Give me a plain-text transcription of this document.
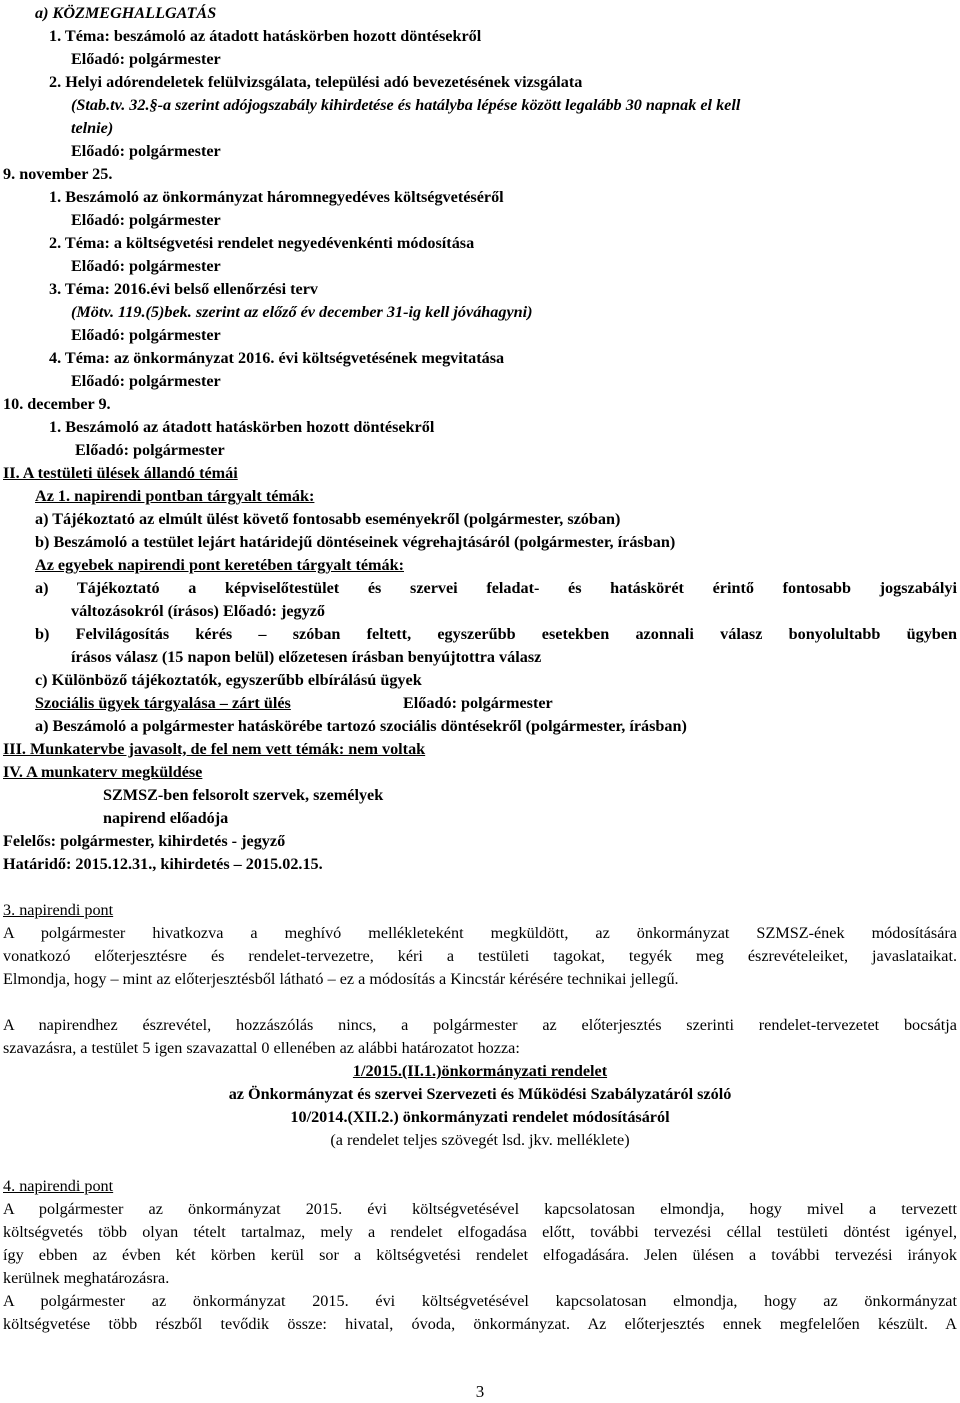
a) KÖZMEGHALLGATÁS
1. Téma: beszámoló az átadott hatáskörben hozott döntésekről
Előadó: polgármester
2. Helyi adórendeletek felülvizsgálata, települési adó bevezetésének vizsgálata
(Stab.tv. 32.§-a szerint adójogszabály kihirdetése és hatályba lépése között legalább 30 napnak el kell
telnie)
Előadó: polgármester
9. november 25.
1. Beszámoló az önkormányzat háromnegyedéves költségvetéséről
Előadó: polgármester
2. Téma: a költségvetési rendelet negyedévenkénti módosítása
Előadó: polgármester
3. Téma: 2016.évi belső ellenőrzési terv
(Mötv. 119.(5)bek. szerint az előző év december 31-ig kell jóváhagyni)
Előadó: polgármester
4. Téma: az önkormányzat 2016. évi költségvetésének megvitatása
Előadó: polgármester
10. december 9.
1. Beszámoló az átadott hatáskörben hozott döntésekről
Előadó: polgármester
II. A testületi ülések állandó témái
Az 1. napirendi pontban tárgyalt témák:
a) Tájékoztató az elmúlt ülést követő fontosabb eseményekről (polgármester, szóban)
b) Beszámoló a testület lejárt határidejű döntéseinek végrehajtásáról (polgármester, írásban)
Az egyebek napirendi pont keretében tárgyalt témák:
a) Tájékoztató a képviselőtestület és szervei feladat- és hatáskörét érintő fontosabb jogszabályi
változásokról (írásos) Előadó: jegyző
b) Felvilágosítás kérés – szóban feltett, egyszerűbb esetekben azonnali válasz bonyolultabb ügyben
írásos válasz (15 napon belül) előzetesen írásban benyújtottra válasz
c) Különböző tájékoztatók, egyszerűbb elbírálású ügyek
Szociális ügyek tárgyalása – zárt ülés	Előadó: polgármester
a) Beszámoló a polgármester hatáskörébe tartozó szociális döntésekről (polgármester, írásban)
III. Munkatervbe javasolt, de fel nem vett témák: nem voltak
IV. A munkaterv megküldése
SZMSZ-ben felsorolt szervek, személyek
napirend előadója
Felelős: polgármester, kihirdetés - jegyző
Határidő: 2015.12.31., kihirdetés – 2015.02.15.
3. napirendi pont
A polgármester hivatkozva a meghívó mellékleteként megküldött, az önkormányzat SZMSZ-ének módosítására
vonatkozó előterjesztésre és rendelet-tervezetre, kéri a testületi tagokat, tegyék meg észrevételeiket, javaslataikat.
Elmondja, hogy – mint az előterjesztésből látható – ez a módosítás a Kincstár kérésére technikai jellegű.
A napirendhez észrevétel, hozzászólás nincs, a polgármester az előterjesztés szerinti rendelet-tervezetet bocsátja
szavazásra, a testület 5 igen szavazattal 0 ellenében az alábbi határozatot hozza:
1/2015.(II.1.)önkormányzati rendelet
az Önkormányzat és szervei Szervezeti és Működési Szabályzatáról szóló
10/2014.(XII.2.) önkormányzati rendelet módosításáról
(a rendelet teljes szövegét lsd. jkv. melléklete)
4. napirendi pont
A polgármester az önkormányzat 2015. évi költségvetésével kapcsolatosan elmondja, hogy mivel a tervezett
költségvetés több olyan tételt tartalmaz, mely a rendelet elfogadása előtt, további tervezési céllal testületi döntést igényel,
így ebben az évben két körben kerül sor a költségvetési rendelet elfogadására. Jelen ülésen a további tervezési irányok
kerülnek meghatározásra.
A polgármester az önkormányzat 2015. évi költségvetésével kapcsolatosan elmondja, hogy az önkormányzat
költségvetése több részből tevődik össze: hivatal, óvoda, önkormányzat. Az előterjesztés ennek megfelelően készült. A
3
